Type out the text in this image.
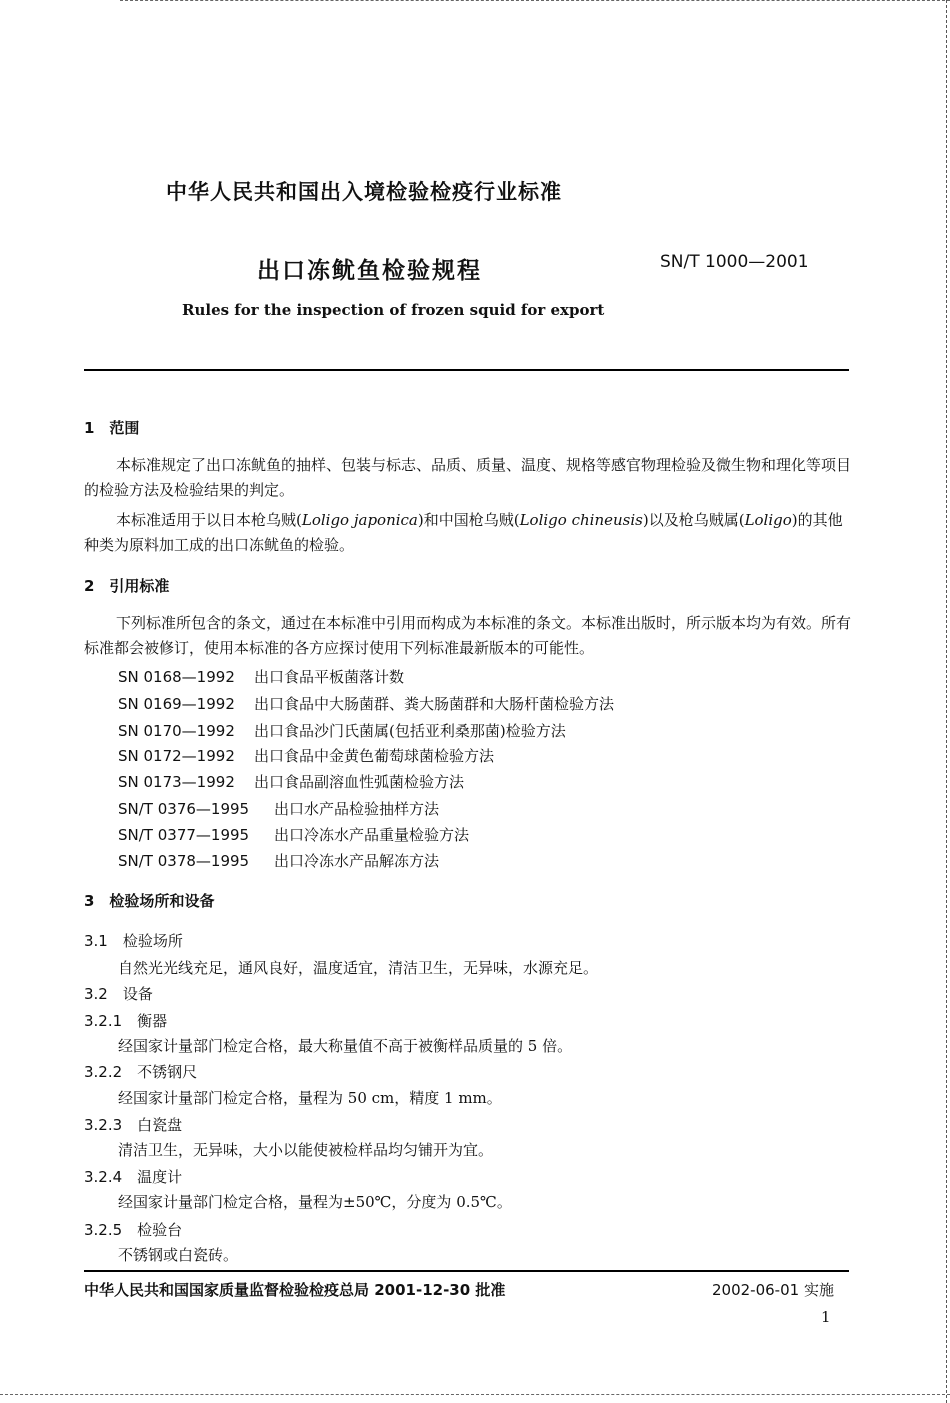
中华人民共和国出入境检验检疫行业标准
出口冻鱿鱼检验规程	SN/T 1000—2001
Rules for the inspection of frozen squid for export
1　范围
本标准规定了出口冻鱿鱼的抽样、包装与标志、品质、质量、温度、规格等感官物理检验及微生物和理化等项目的检验方法及检验结果的判定。
本标准适用于以日本枪乌贼(Loligo japonica)和中国枪乌贼(Loligo chineusis)以及枪乌贼属(Loligo)的其他种类为原料加工成的出口冻鱿鱼的检验。
2　引用标准
下列标准所包含的条文，通过在本标准中引用而构成为本标准的条文。本标准出版时，所示版本均为有效。所有标准都会被修订，使用本标准的各方应探讨使用下列标准最新版本的可能性。
SN 0168—1992 出口食品平板菌落计数
SN 0169—1992 出口食品中大肠菌群、粪大肠菌群和大肠杆菌检验方法
SN 0170—1992 出口食品沙门氏菌属(包括亚利桑那菌)检验方法
SN 0172—1992 出口食品中金黄色葡萄球菌检验方法
SN 0173—1992 出口食品副溶血性弧菌检验方法
SN/T 0376—1995 出口水产品检验抽样方法
SN/T 0377—1995 出口冷冻水产品重量检验方法
SN/T 0378—1995 出口冷冻水产品解冻方法
3　检验场所和设备
3.1　检验场所
自然光光线充足，通风良好，温度适宜，清洁卫生，无异味，水源充足。
3.2　设备
3.2.1　衡器
经国家计量部门检定合格，最大称量值不高于被衡样品质量的 5 倍。
3.2.2　不锈钢尺
经国家计量部门检定合格，量程为 50 cm，精度 1 mm。
3.2.3　白瓷盘
清洁卫生，无异味，大小以能使被检样品均匀铺开为宜。
3.2.4　温度计
经国家计量部门检定合格，量程为±50℃，分度为 0.5℃。
3.2.5　检验台
不锈钢或白瓷砖。
中华人民共和国国家质量监督检验检疫总局 2001-12-30 批准	2002-06-01 实施
1
